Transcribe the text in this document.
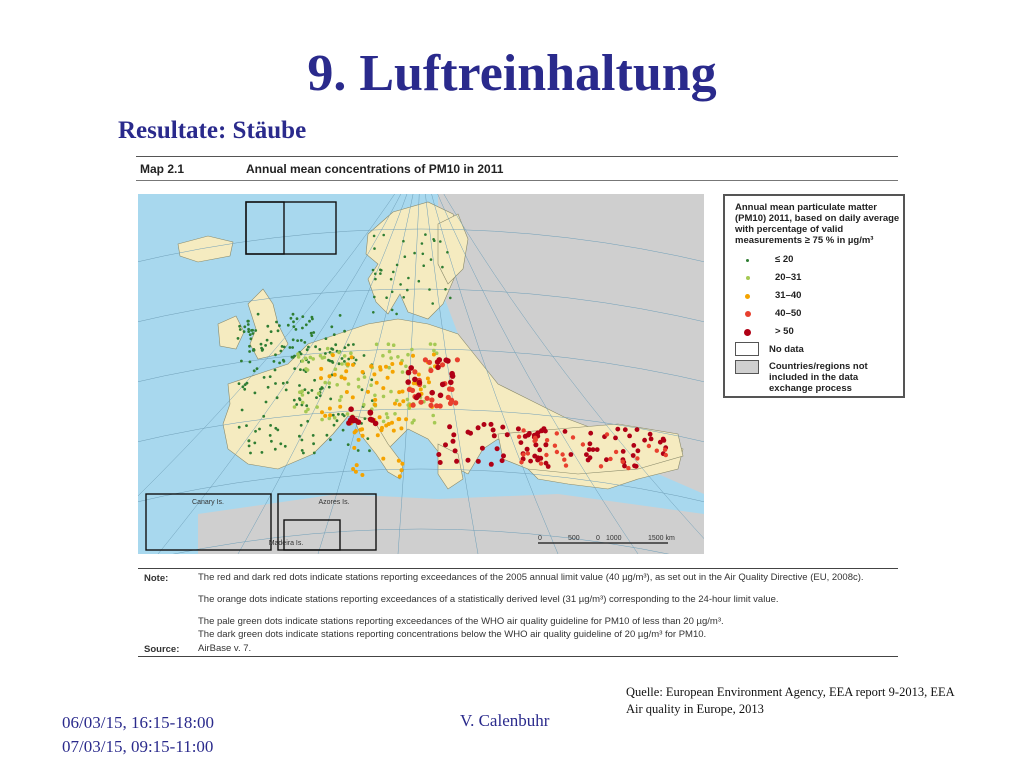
9. Luftreinhaltung
Resultate: Stäube
Map 2.1	Annual mean concentrations of PM10 in 2011
Canary Is.	Azores Is.
Madeira Is.
0	500 0 1000	1500 km
Annual mean particulate matter (PM10) 2011, based on daily average with percentage of valid measurements ≥ 75 % in µg/m³
≤ 20
20–31
31–40
40–50
> 50
No data
Countries/regions not included in the data exchange process
Note:	The red and dark red dots indicate stations reporting exceedances of the 2005 annual limit value (40 µg/m³), as set out in the Air Quality Directive (EU, 2008c).
The orange dots indicate stations reporting exceedances of a statistically derived level (31 µg/m³) corresponding to the 24-hour limit value.
The pale green dots indicate stations reporting exceedances of the WHO air quality guideline for PM10 of less than 20 µg/m³.
The dark green dots indicate stations reporting concentrations below the WHO air quality guideline of 20 µg/m³ for PM10.
Source: AirBase v. 7.
Quelle: European Environment Agency, EEA report 9-2013, EEA Air quality in Europe, 2013
06/03/15, 16:15-18:00
07/03/15, 09:15-11:00
V. Calenbuhr
